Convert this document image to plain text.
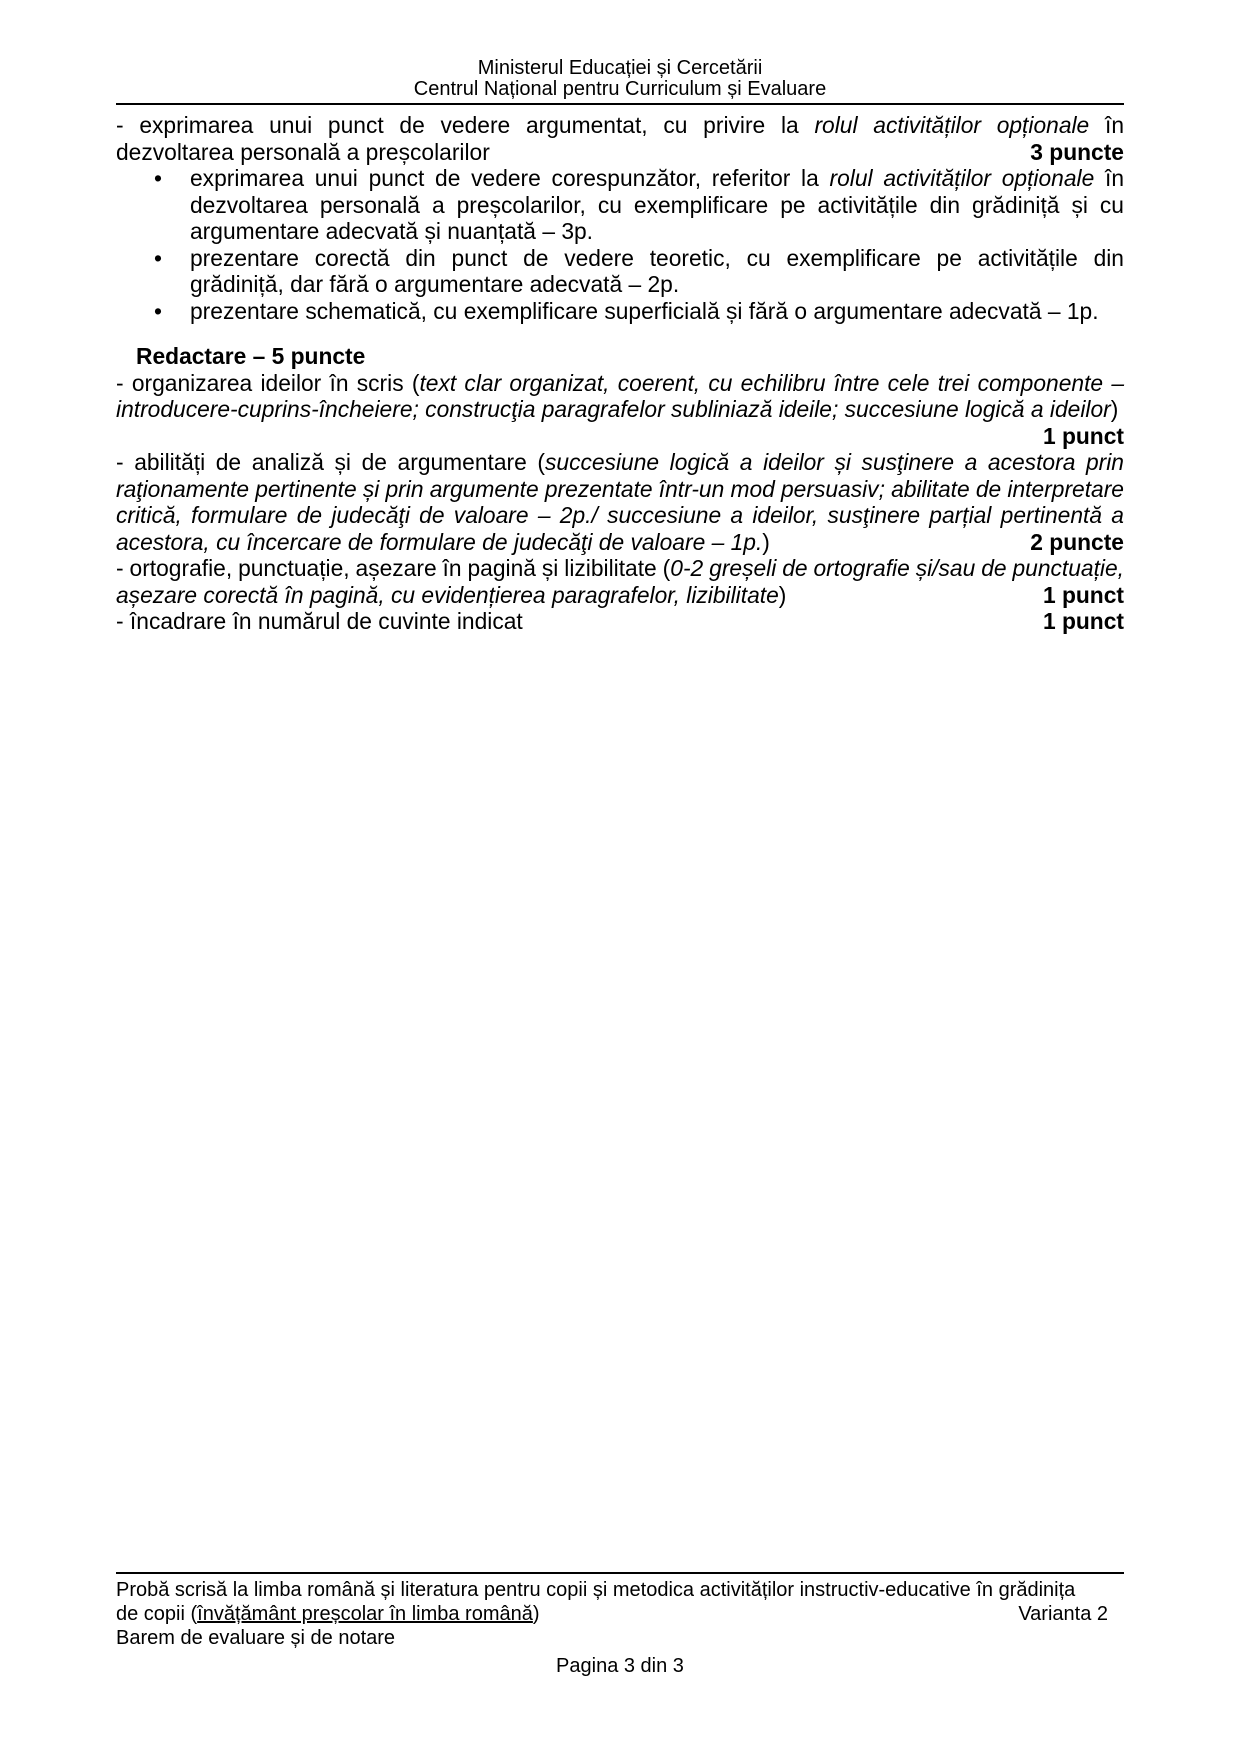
Ministerul Educației și Cercetării
Centrul Național pentru Curriculum și Evaluare
- exprimarea unui punct de vedere argumentat, cu privire la rolul activităților opționale în
dezvoltarea personală a preșcolarilor	3 puncte
• exprimarea unui punct de vedere corespunzător, referitor la rolul activităților opționale în
dezvoltarea personală a preșcolarilor, cu exemplificare pe activitățile din grădiniță și cu
argumentare adecvată și nuanțată – 3p.
• prezentare corectă din punct de vedere teoretic, cu exemplificare pe activitățile din
grădiniță, dar fără o argumentare adecvată – 2p.
• prezentare schematică, cu exemplificare superficială și fără o argumentare adecvată – 1p.
Redactare – 5 puncte
- organizarea ideilor în scris (text clar organizat, coerent, cu echilibru între cele trei componente –
introducere-cuprins-încheiere; construcţia paragrafelor subliniază ideile; succesiune logică a ideilor)
1 punct
- abilități de analiză și de argumentare (succesiune logică a ideilor și susţinere a acestora prin
raţionamente pertinente și prin argumente prezentate într-un mod persuasiv; abilitate de interpretare
critică, formulare de judecăţi de valoare – 2p./ succesiune a ideilor, susţinere parțial pertinentă a
acestora, cu încercare de formulare de judecăţi de valoare – 1p.)	2 puncte
- ortografie, punctuație, așezare în pagină și lizibilitate (0-2 greșeli de ortografie și/sau de punctuație,
așezare corectă în pagină, cu evidențierea paragrafelor, lizibilitate)	1 punct
- încadrare în numărul de cuvinte indicat	1 punct
Probă scrisă la limba română și literatura pentru copii și metodica activităților instructiv-educative în grădinița
de copii (învățământ preșcolar în limba română)	Varianta 2
Barem de evaluare și de notare
Pagina 3 din 3
